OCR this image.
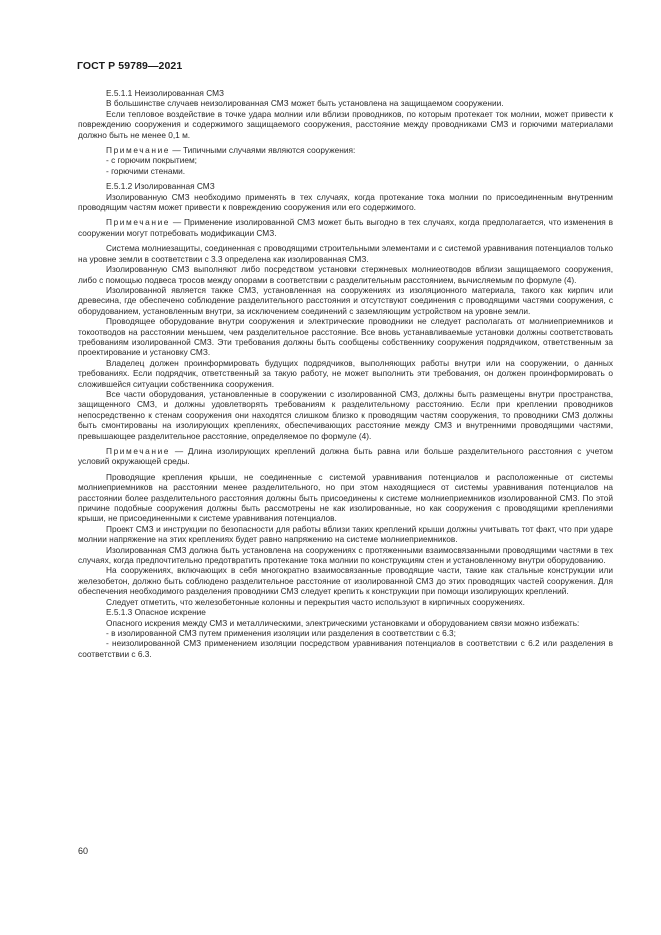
ГОСТ Р 59789—2021

Е.5.1.1 Неизолированная СМЗ

В большинстве случаев неизолированная СМЗ может быть установлена на защищаемом сооружении.

Если тепловое воздействие в точке удара молнии или вблизи проводников, по которым протекает ток молнии, может привести к повреждению сооружения и содержимого защищаемого сооружения, расстояние между проводниками СМЗ и горючими материалами должно быть не менее 0,1 м.

Примечание — Типичными случаями являются сооружения:

- с горючим покрытием;

- горючими стенами.

Е.5.1.2 Изолированная СМЗ

Изолированную СМЗ необходимо применять в тех случаях, когда протекание тока молнии по присоединенным внутренним проводящим частям может привести к повреждению сооружения или его содержимого.

Примечание — Применение изолированной СМЗ может быть выгодно в тех случаях, когда предполагается, что изменения в сооружении могут потребовать модификации СМЗ.

Система молниезащиты, соединенная с проводящими строительными элементами и с системой уравнивания потенциалов только на уровне земли в соответствии с 3.3 определена как изолированная СМЗ.

Изолированную СМЗ выполняют либо посредством установки стержневых молниеотводов вблизи защищаемого сооружения, либо с помощью подвеса тросов между опорами в соответствии с разделительным расстоянием, вычисляемым по формуле (4).

Изолированной является также СМЗ, установленная на сооружениях из изоляционного материала, такого как кирпич или древесина, где обеспечено соблюдение разделительного расстояния и отсутствуют соединения с проводящими частями сооружения, с оборудованием, установленным внутри, за исключением соединений с заземляющим устройством на уровне земли.

Проводящее оборудование внутри сооружения и электрические проводники не следует располагать от молниеприемников и токоотводов на расстоянии меньшем, чем разделительное расстояние. Все вновь устанавливаемые установки должны соответствовать требованиям изолированной СМЗ. Эти требования должны быть сообщены собственнику сооружения подрядчиком, ответственным за проектирование и установку СМЗ.

Владелец должен проинформировать будущих подрядчиков, выполняющих работы внутри или на сооружении, о данных требованиях. Если подрядчик, ответственный за такую работу, не может выполнить эти требования, он должен проинформировать о сложившейся ситуации собственника сооружения.

Все части оборудования, установленные в сооружении с изолированной СМЗ, должны быть размещены внутри пространства, защищенного СМЗ, и должны удовлетворять требованиям к разделительному расстоянию. Если при креплении проводников непосредственно к стенам сооружения они находятся слишком близко к проводящим частям сооружения, то проводники СМЗ должны быть смонтированы на изолирующих креплениях, обеспечивающих расстояние между СМЗ и внутренними проводящими частями, превышающее разделительное расстояние, определяемое по формуле (4).

Примечание — Длина изолирующих креплений должна быть равна или больше разделительного расстояния с учетом условий окружающей среды.

Проводящие крепления крыши, не соединенные с системой уравнивания потенциалов и расположенные от системы молниеприемников на расстоянии менее разделительного, но при этом находящиеся от системы уравнивания потенциалов на расстоянии более разделительного расстояния должны быть присоединены к системе молниеприемников изолированной СМЗ. По этой причине подобные сооружения должны быть рассмотрены не как изолированные, но как сооружения с проводящими креплениями крыши, не присоединенными к системе уравнивания потенциалов.

Проект СМЗ и инструкции по безопасности для работы вблизи таких креплений крыши должны учитывать тот факт, что при ударе молнии напряжение на этих креплениях будет равно напряжению на системе молниеприемников.

Изолированная СМЗ должна быть установлена на сооружениях с протяженными взаимосвязанными проводящими частями в тех случаях, когда предпочтительно предотвратить протекание тока молнии по конструкциям стен и установленному внутри оборудованию.

На сооружениях, включающих в себя многократно взаимосвязанные проводящие части, такие как стальные конструкции или железобетон, должно быть соблюдено разделительное расстояние от изолированной СМЗ до этих проводящих частей сооружения. Для обеспечения необходимого разделения проводники СМЗ следует крепить к конструкции при помощи изолирующих креплений.

Следует отметить, что железобетонные колонны и перекрытия часто используют в кирпичных сооружениях.

Е.5.1.3 Опасное искрение

Опасного искрения между СМЗ и металлическими, электрическими установками и оборудованием связи можно избежать:

- в изолированной СМЗ путем применения изоляции или разделения в соответствии с 6.3;

- неизолированной СМЗ применением изоляции посредством уравнивания потенциалов в соответствии с 6.2 или разделения в соответствии с 6.3.

60
